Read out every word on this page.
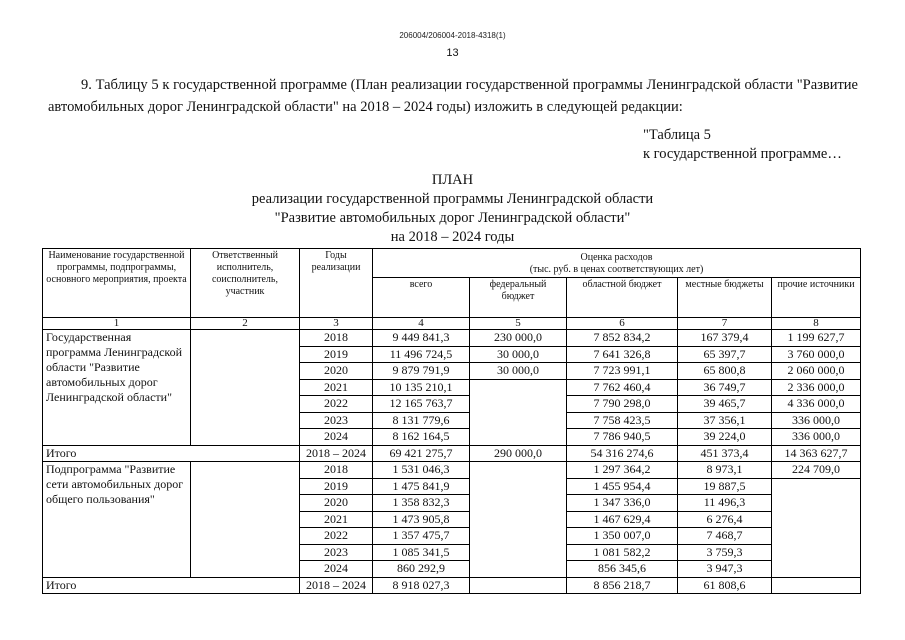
206004/206004-2018-4318(1)
13

9. Таблицу 5 к государственной программе (План реализации государственной программы Ленинградской области "Развитие автомобильных дорог Ленинградской области" на 2018 – 2024 годы) изложить в следующей редакции:

"Таблица 5
к государственной программе…
ПЛАН
реализации государственной программы Ленинградской области
"Развитие автомобильных дорог Ленинградской области"
на 2018 – 2024 годы
Наименование государственной программы, подпрограммы, основного мероприятия, проекта	Ответственный исполнитель, соисполнитель, участник	Годы реализации	Оценка расходов
(тыс. руб. в ценах соответствующих лет)				

			всего	федеральный бюджет	областной бюджет	местные бюджеты	прочие источники
1	2	3	4	5	6	7	8
Государственная программа Ленинградской области "Развитие автомобильных дорог Ленинградской области"		2018	9 449 841,3	230 000,0	7 852 834,2	167 379,4	1 199 627,7
		2019	11 496 724,5	30 000,0	7 641 326,8	65 397,7	3 760 000,0
		2020	9 879 791,9	30 000,0	7 723 991,1	65 800,8	2 060 000,0
		2021	10 135 210,1		7 762 460,4	36 749,7	2 336 000,0
		2022	12 165 763,7		7 790 298,0	39 465,7	4 336 000,0
		2023	8 131 779,6		7 758 423,5	37 356,1	336 000,0
		2024	8 162 164,5		7 786 940,5	39 224,0	336 000,0
Итого		2018 – 2024	69 421 275,7	290 000,0	54 316 274,6	451 373,4	14 363 627,7
Подпрограмма "Развитие сети автомобильных дорог общего пользования"		2018	1 531 046,3		1 297 364,2	8 973,1	224 709,0
		2019	1 475 841,9		1 455 954,4	19 887,5	
		2020	1 358 832,3		1 347 336,0	11 496,3	
		2021	1 473 905,8		1 467 629,4	6 276,4	
		2022	1 357 475,7		1 350 007,0	7 468,7	
		2023	1 085 341,5		1 081 582,2	3 759,3	
		2024	860 292,9		856 345,6	3 947,3	
Итого		2018 – 2024	8 918 027,3		8 856 218,7	61 808,6	
